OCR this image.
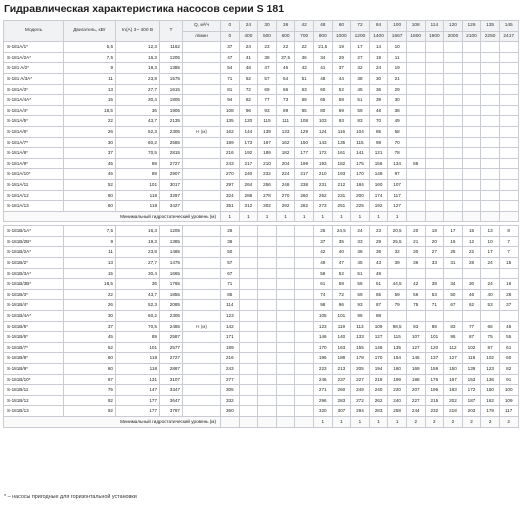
Гидравлическая характеристика насосов серии S 181
Модель	Двигатель, кВт	In(A) 3~ 400 B	T	Q, м³/ч	0	24	30	36	42	48	60	72	84	100	108	114	120	126	135	145
				л/мин	0	400	500	600	700	800	1000	1200	1400	1667	1800	1900	2000	2100	2250	2417
S-181A/1*	5,5	12,3	1162		37	24	23	22	22	21,5	19	17	14	10						
S-181A/2A*	7,5	16,3	1205		47	41	38	37,5	36	34	29	27	19	11						
S-181 A/2*	9	19,3	1385		54	48	47	46	43	41	37	32	24	19						
S-181 A/3A*	11	23,8	1575		71	62	57	54	51	48	44	38	30	21						
S-181A/3*	13	27,7	1615		81	72	69	66	63	60	52	45	36	29						
S-181A/4A*	15	30,4	1805		94	82	77	73	69	65	58	51	39	30						
S-181A/4*	18,5	36	1905		108	96	93	89	85	80	69	59	48	38						
S-181A/5*	22	43,7	2135		135	120	115	111	108	103	93	83	70	49						
S-181A/6*	26	52,3	2305	H (м)	162	144	139	133	129	124	116	104	85	58						
S-181A/7*	30	60,2	2585		189	173	167	162	150	143	135	115	98	70						
S-181A/8*	37	70,5	2815		216	192	189	182	177	172	161	141	121	78						
S-181A/9*	45	89	2727		243	217	210	204	199	193	182	175	156	134	88					
S-181A/10*	45	89	2907		270	240	232	224	217	210	193	170	148	97						
S-181A/11	52	101	3017		297	264	256	248	238	231	212	184	160	107						
S-181A/12	60	118	3297		324	288	278	270	260	252	231	200	174	117						
S-181A/13	60	118	3427		351	312	302	292	282	273	251	225	192	127						
Минимальный гидростатический уровень (м)					1	1	1	1	1	1	1	1	1	1						

S-181B/1A*	7,5	16,3	1205		26					25	24,5	24	23	20,5	20	18	17	15	13	8
S-181B/2B*	9	19,3	1385		36					37	35	33	29	25,5	21	20	16	12	10	7
S-181B/2A*	11	23,8	1485		50					42	40	38	36	32	30	27	25	22	17	7
S-181B/2*	13	27,7	1475		57					49	47	45	43	39	36	33	31	28	24	15
S-181B/3A*	15	30,4	1665		67					56	52	51	48							
S-181B/3B*	18,5	36	1765		71					61	58	56	51	44,5	42	38	34	30	24	16
S-181B/3*	22	43,7	1855		85					74	72	69	65	59	56	53	50	46	40	28
S-181B/4*	26	52,3	2085		114					98	96	93	87	79	75	71	67	62	53	37
S-181B/4A*	30	60,2	2305		123					105	101	96	88							
S-181B/5*	37	70,5	2485	H (м)	142					123	119	113	109	98,5	93	88	83	77	66	46
S-181B/6*	45	89	2587		171					146	140	133	127	115	107	101	95	87	75	55
S-181B/7*	52	101	2577		189					170	163	155	148	135	127	120	112	102	87	61
S-181B/8*	60	118	2727		216					196	188	178	170	154	145	137	127	118	102	60
S-181B/9*	60	118	2887		243					223	213	205	194	180	169	159	150	139	123	82
S-181B/10*	67	131	3107		277					246	237	227	218	199	188	176	167	153	136	91
S-181B/11	75	147	3347		305					271	260	249	240	220	207	196	183	172	150	100
S-181B/12	92	177	3647		332					296	283	272	262	240	227	215	202	187	162	109
S-181B/13	92	177	3787		360					320	307	294	283	258	244	232	218	203	178	117
Минимальный гидростатический уровень (м)										1	1	1	1	1	2	2	2	2	2	2
* – насосы пригодные для горизонтальной установки
